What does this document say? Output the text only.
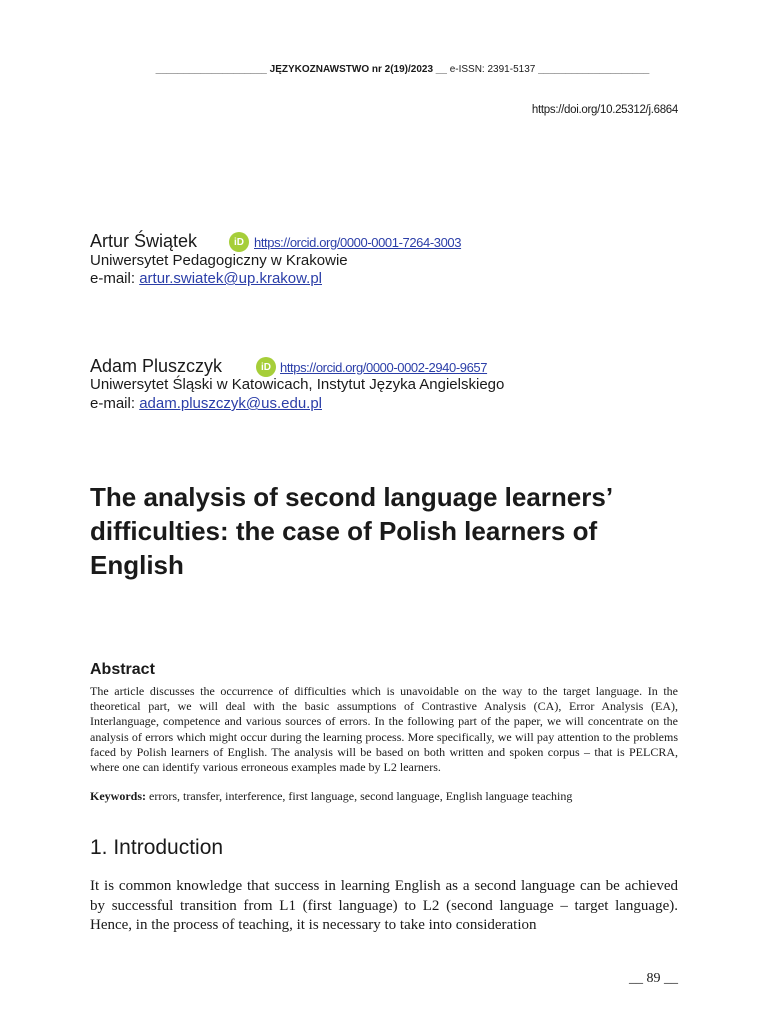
____________________ JĘZYKOZNAWSTWO nr 2(19)/2023 __ e-ISSN: 2391-5137 ____________________
https://doi.org/10.25312/j.6864
Artur Świątek	iD https://orcid.org/0000-0001-7264-3003
Uniwersytet Pedagogiczny w Krakowie
e-mail: artur.swiatek@up.krakow.pl
Adam Pluszczyk	iD https://orcid.org/0000-0002-2940-9657
Uniwersytet Śląski w Katowicach, Instytut Języka Angielskiego
e-mail: adam.pluszczyk@us.edu.pl
The analysis of second language learners’ difficulties: the case of Polish learners of English
Abstract
The article discusses the occurrence of difficulties which is unavoidable on the way to the target language. In the theoretical part, we will deal with the basic assumptions of Contrastive Analysis (CA), Error Analysis (EA), Interlanguage, competence and various sources of errors. In the following part of the paper, we will concentrate on the analysis of errors which might occur during the learning process. More specifically, we will pay attention to the problems faced by Polish learners of English. The analysis will be based on both written and spoken corpus – that is PELCRA, where one can identify various erroneous examples made by L2 learners.
Keywords: errors, transfer, interference, first language, second language, English language teaching
1. Introduction
It is common knowledge that success in learning English as a second language can be achieved by successful transition from L1 (first language) to L2 (second language – target language). Hence, in the process of teaching, it is necessary to take into consideration
__ 89 __
